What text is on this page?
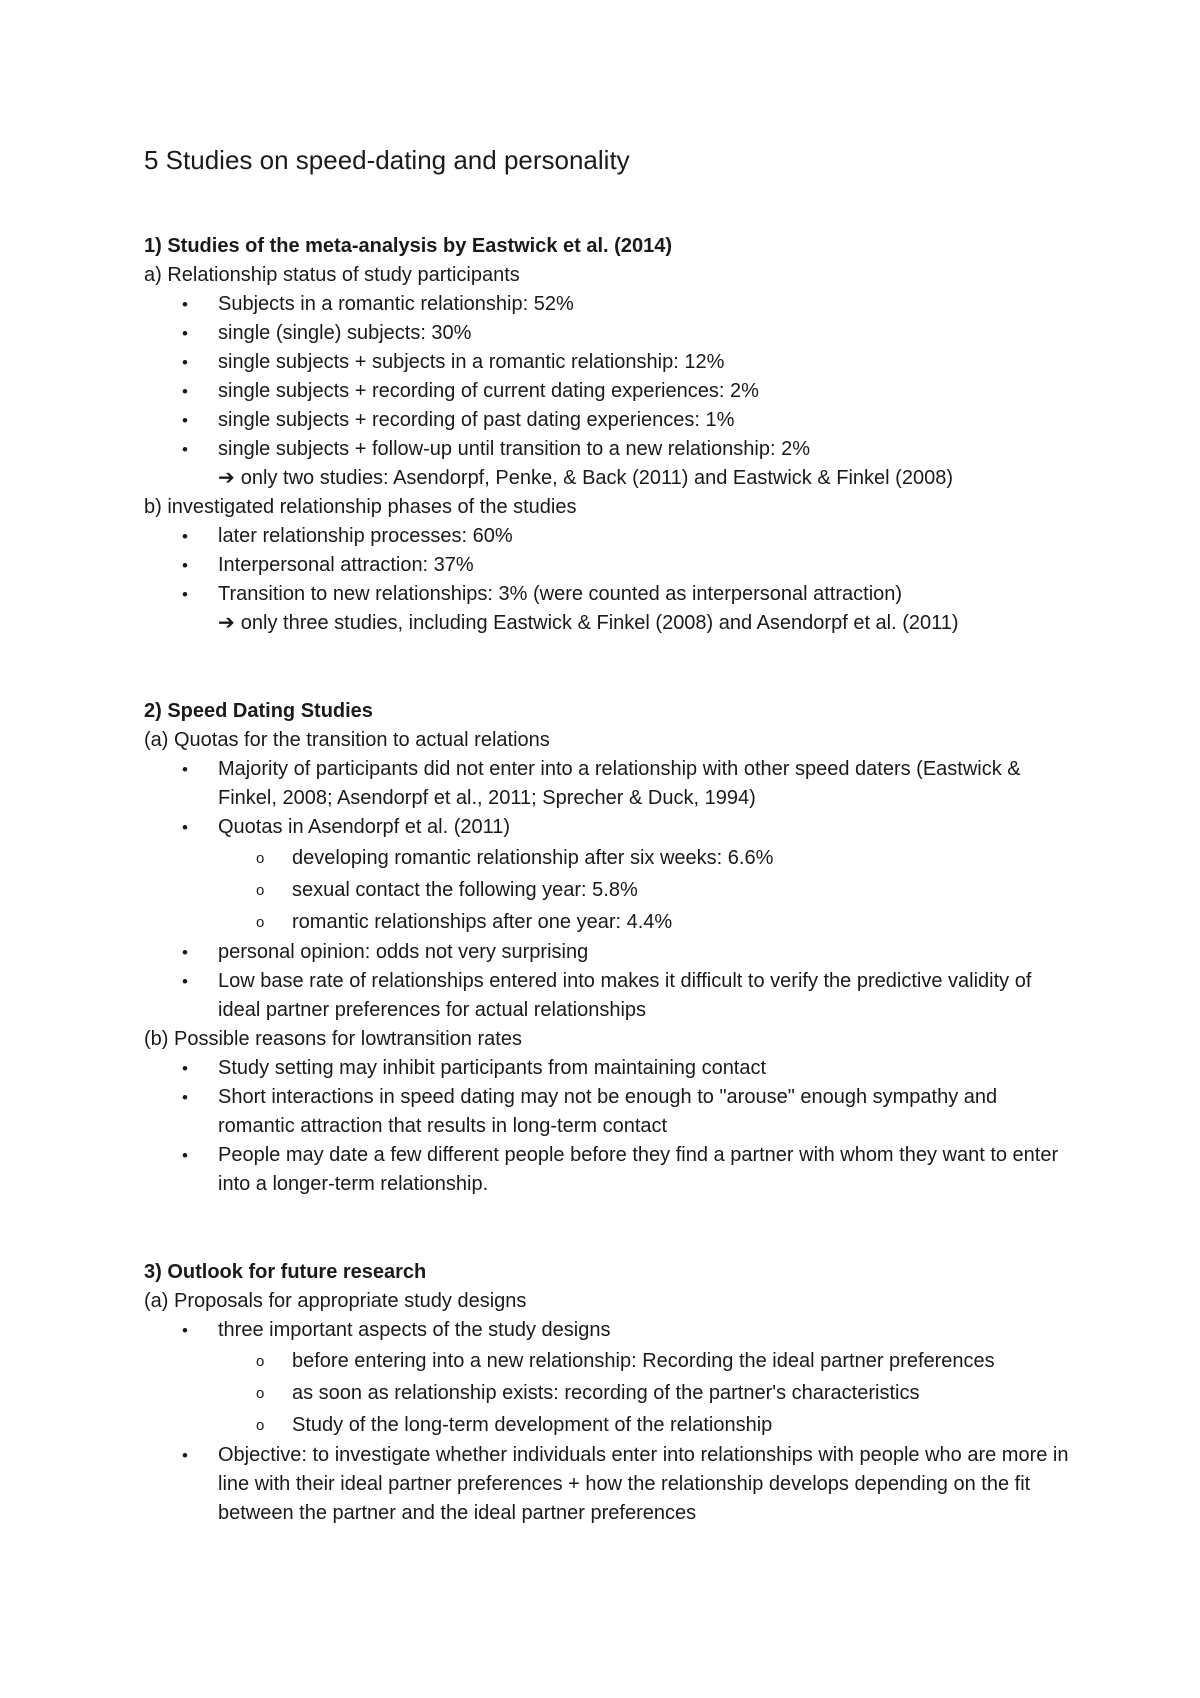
5 Studies on speed-dating and personality

1) Studies of the meta-analysis by Eastwick et al. (2014)

a) Relationship status of study participants

• Subjects in a romantic relationship: 52%
• single (single) subjects: 30%
• single subjects + subjects in a romantic relationship: 12%
• single subjects + recording of current dating experiences: 2%
• single subjects + recording of past dating experiences: 1%
• single subjects + follow-up until transition to a new relationship: 2%
➔ only two studies: Asendorpf, Penke, & Back (2011) and Eastwick & Finkel (2008)

b) investigated relationship phases of the studies

• later relationship processes: 60%
• Interpersonal attraction: 37%
• Transition to new relationships: 3% (were counted as interpersonal attraction)
➔ only three studies, including Eastwick & Finkel (2008) and Asendorpf et al. (2011)

2) Speed Dating Studies

(a) Quotas for the transition to actual relations

• Majority of participants did not enter into a relationship with other speed daters (Eastwick & Finkel, 2008; Asendorpf et al., 2011; Sprecher & Duck, 1994)
• Quotas in Asendorpf et al. (2011)
o developing romantic relationship after six weeks: 6.6%
o sexual contact the following year: 5.8%
o romantic relationships after one year: 4.4%
• personal opinion: odds not very surprising
• Low base rate of relationships entered into makes it difficult to verify the predictive validity of ideal partner preferences for actual relationships

(b) Possible reasons for lowtransition rates

• Study setting may inhibit participants from maintaining contact
• Short interactions in speed dating may not be enough to "arouse" enough sympathy and romantic attraction that results in long-term contact
• People may date a few different people before they find a partner with whom they want to enter into a longer-term relationship.

3) Outlook for future research

(a) Proposals for appropriate study designs

• three important aspects of the study designs
o before entering into a new relationship: Recording the ideal partner preferences
o as soon as relationship exists: recording of the partner's characteristics
o Study of the long-term development of the relationship
• Objective: to investigate whether individuals enter into relationships with people who are more in line with their ideal partner preferences + how the relationship develops depending on the fit between the partner and the ideal partner preferences
